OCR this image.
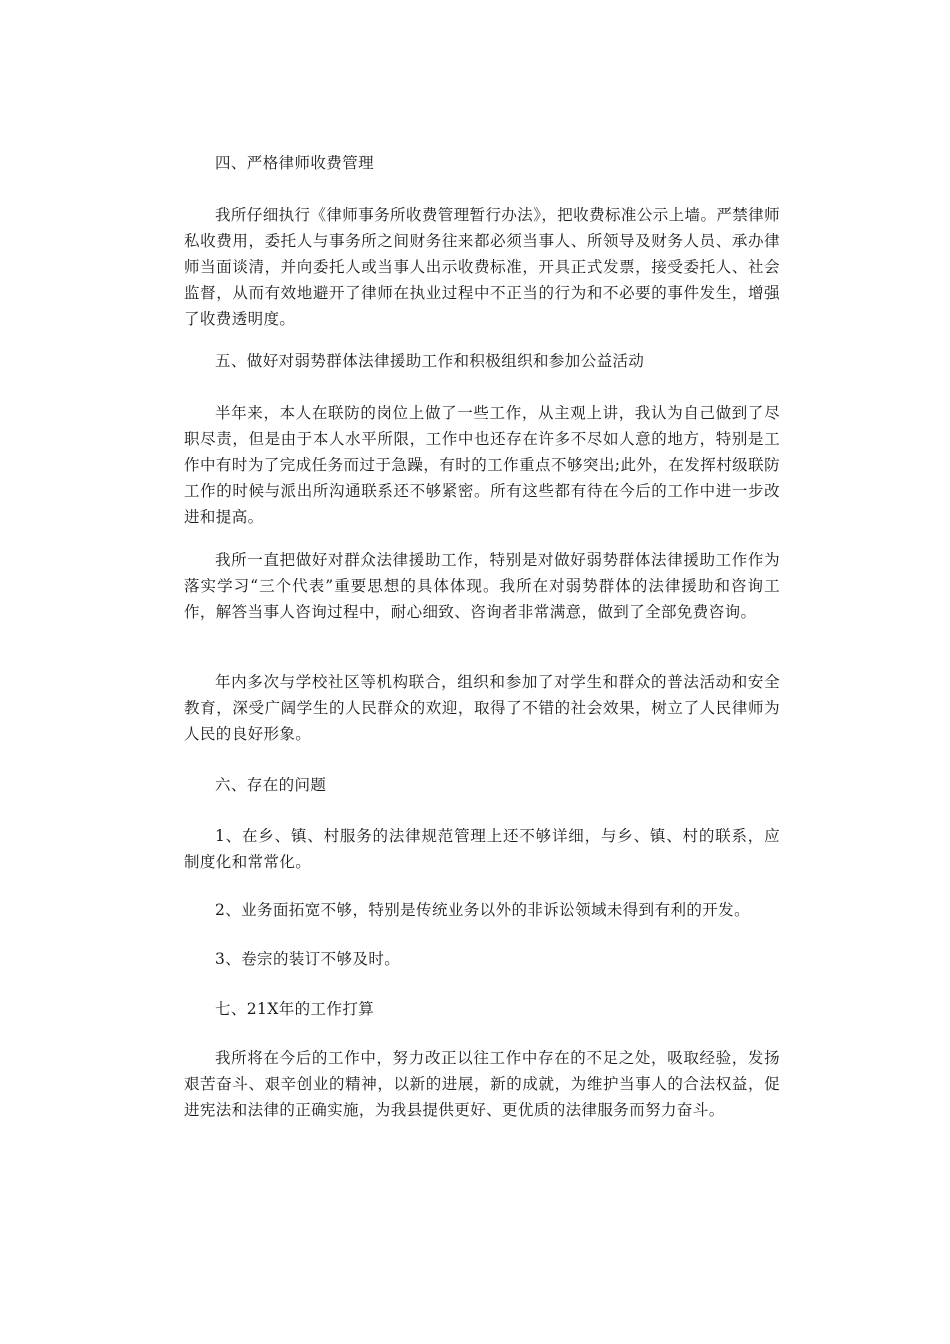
四、严格律师收费管理

我所仔细执行《律师事务所收费管理暂行办法》，把收费标准公示上墙。严禁律师私收费用，委托人与事务所之间财务往来都必须当事人、所领导及财务人员、承办律师当面谈清，并向委托人或当事人出示收费标准，开具正式发票，接受委托人、社会监督，从而有效地避开了律师在执业过程中不正当的行为和不必要的事件发生，增强了收费透明度。

五、做好对弱势群体法律援助工作和积极组织和参加公益活动

半年来，本人在联防的岗位上做了一些工作，从主观上讲，我认为自己做到了尽职尽责，但是由于本人水平所限，工作中也还存在许多不尽如人意的地方，特别是工作中有时为了完成任务而过于急躁，有时的工作重点不够突出;此外，在发挥村级联防工作的时候与派出所沟通联系还不够紧密。所有这些都有待在今后的工作中进一步改进和提高。

我所一直把做好对群众法律援助工作，特别是对做好弱势群体法律援助工作作为落实学习“三个代表”重要思想的具体体现。我所在对弱势群体的法律援助和咨询工作，解答当事人咨询过程中，耐心细致、咨询者非常满意，做到了全部免费咨询。

年内多次与学校社区等机构联合，组织和参加了对学生和群众的普法活动和安全教育，深受广阔学生的人民群众的欢迎，取得了不错的社会效果，树立了人民律师为人民的良好形象。

六、存在的问题

1、在乡、镇、村服务的法律规范管理上还不够详细，与乡、镇、村的联系，应制度化和常常化。

2、业务面拓宽不够，特别是传统业务以外的非诉讼领域未得到有利的开发。

3、卷宗的装订不够及时。

七、21X年的工作打算

我所将在今后的工作中，努力改正以往工作中存在的不足之处，吸取经验，发扬艰苦奋斗、艰辛创业的精神，以新的进展，新的成就，为维护当事人的合法权益，促进宪法和法律的正确实施，为我县提供更好、更优质的法律服务而努力奋斗。
